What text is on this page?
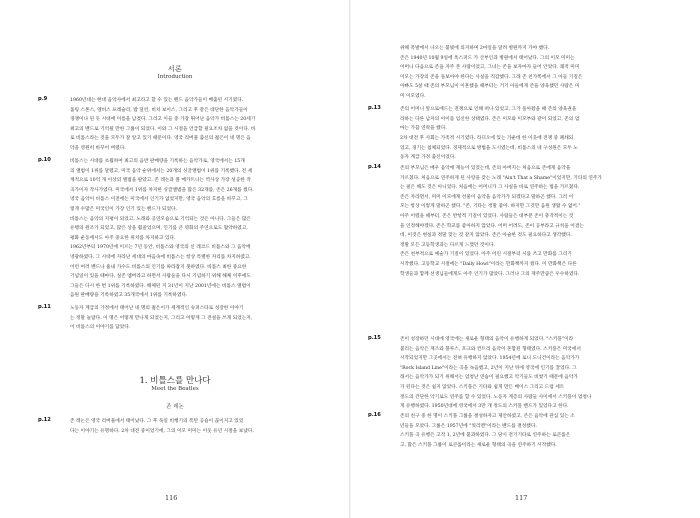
서론
Introduction
p.9	1960년대는 현대 음악사에서 최고라고 할 수 있는 밴드 음악가들이 배출된 시기였다.
롤링 스톤스, 엘비스 프레슬리, 밥 딜런, 비치 보이스, 그리고 후 같은 대단한 음악가들이
경쟁이나 된 듯 시대에 이름을 남겼다. 그리고 이들 중 가장 뛰어난 음악가 비틀스는 20세기
최고의 밴드로 기억될 만한 그룹이 되었다. 이와 그 시절을 언급할 필요조차 없을 것이다. 바
로 비틀스라는 것을 모두가 잘 알고 있기 때문이다. 영국 리버풀 출신의 젊은이 네 명은 음
악을 영원히 바꾸어 버렸다.
p.10	비틀스는 시대를 초월하여 최고의 음반 판매량을 기록하는 음악가로, 영국에서는 15개
의 앨범이 1위를 달렸고, 미국 음악 순위에서는 20개의 싱글앨범이 1위를 기록했다. 전 세
계적으로 10억 개 이상의 앨범을 팔았고, 존 레논과 폴 매카트니는 역사상 가장 성공한 작
곡가이자 작사가였다. 미국에서 1위를 차지한 싱글앨범을 많은 32개를, 존은 26개를 썼다.
영국 음악이 비틀스 이전에는 미국에서 인기가 없었지만, 영국 음악의 흐름을 바꾸고, 그
렇게 수많은 미국인이 가장 인기 있는 밴드가 되었다.
비틀스는 음악의 지평이 되었고, 노래와 공연모습으로 기억되는 것은 아니다. 그들은 많은
유행의 원조가 되었고, 많은 상을 휩쓸었으며, 인기를 큰 영화의 주연으로도 활약하였고,
평화 운동에서도 아주 중요한 위치를 차지하고 있다.
1962년부터 1970년에 이르는 7년 동안, 비틀스와 영국의 신 레코드 비틀스와 그 음악에
영광하였다. 그 시대에 자라난 세대의 마음속에 비틀스는 항상 특별한 자리를 차지하였고,
이런 여러 밴드나 흉내 가수도 비틀스의 인기를 따라잡지 못하였다. 비틀스 최한 중요한
기념일이 있을 때마다, 실존 멤버라고 하면서 사람들을 다시 기념하기 위해 해체 이후에도
그들은 다시 한 번 1위를 기록하였다. 해체된 지 31년이 지난 2001년에는 비틀스 앨범이
음원 판매량을 기록하였고 35개국에서 1위를 기록하였다.
p.11	노동자 계급의 가정에서 태어난 네 명의 젊은이가 세계적인 슈퍼스타로 성장한 이야기
는 정말 놀랍다. 이 명은 어떻게 만나게 되었는지, 그리고 어떻게 그 전설을 쓰게 되었는지,
이 비틀스의 이야기를 담았다.
1. 비틀스를 만나다
Meet the Beatles
존 레논
p.12	존 레논은 영국 리버풀에서 태어났다. 그 후 독일 비행기의 폭탄 공습이 끊이지고 있었
다는 이야기는 유명하다. 2차 대전 중이었기에, 그의 이모 미미는 이웃 유년 시절을 보냈다.
116
위해 폭발에서 나오는 불빛에 의지하며 2마일을 달려 병원까지 가야 했다.
존은 1940년 10월 9일에 옥스퍼드 가 산부인과 병원에서 태어났다. 그의 이모 미미는
어머니 다음으로 존을 자주 본 사람이었고, 그녀는 존을 보자마자 들어 안았다. 쾌적 미미
이모는 가장의 존을 돌보아야 한다는 사실을 직감했다. 그래 존 친가쪽에서 그 아들 기질은
아빠도 5살 때 존의 부모님이 이혼했을 때부터는 거기 아들에게 존을 양육했던 사람은 미
미 이모였다.
p.13	존의 어머니 앞으로에드는 전쟁으로 인해 떠나 있었고, 그가 돌아왔을 때 존의 양육권을
라하는 다른 남자의 아이를 임신한 상태였다. 존은 이모와 이모부와 같이 되었고, 존의 엄
마는 가끔 연락을 했다.
2차 대전 후 사회는 가족적 시기였다. 라디오에 있는 가운데 한 이웃에 전쟁 중 폐쇄되
었고, 경기는 침체되었다. 경제적으로 방법을 도시였는데, 비틀스의 네 구성원은 모두 노
동자 계급 가정 출신이었다.
p.14	존의 부모님은 매우 음악에 재능이 있었는데, 존의 아버지는 처음으로 존에게 음악을
가르쳤다. 처음으로 연주하게 된 사랑을 갖는 노래 "Ain't That a Shame"이었지만, 기타의 연주가
는 필은 해도 것은 아니었다. 처음에는 어머니가 그 사실을 바로 연주하는 법을 가르쳤다.
존은 자라면서, 미미 이모에게 선물이 음악을 음악가가 되겠다고 말하곤 했다. 그러 이
모는 항상 이렇게 말하곤 했다. "존, 기타는 정말 좋아. 하지만 그것만 음원 생활 수 없어."
아주 어렸을 때부터, 존은 반항적 기질이 있었다. 사람들은 대부분 존이 충격적이는 것
을 인정해야겠다. 존은 학교를 좋아하지 않았다. 어머 어려도, 존이 공부라고 규칙을 어겼는
데, 이것은 현실과 정말 맞는 것 같지 않았다. 존은 아슬한 것도 필요하다고 생각했다.
정말 모든 고등학생과는 다르게 느꼈던 것이다.
존은 천부적으로 예술가 기질이 있었다. 아주 어린 시절부터 시를 쓰고 만화를 그리기
시작했다. 고등학교 시절에는 "Daily Howl"이라는 만화책까지 썼다. 이 만화책은 다른
학생들과 함께 선생님들에게도 아주 인기가 많았다. 그러나 그의 재주만큼은 우수하였다.
p.15	존이 성장하던 시대에 영국에는 새로운 형태의 음악이 유행하게 되었다. "스키플"이라
불리는 음악은 재즈와 블루스, 포크와 컨트리 음악이 혼합된 형태였다. 스키플은 미국에서
시작되었지만 그곳에서는 전혀 유행하지 않았다. 1954년에 로니 도니건이라는 음악가가
"Rock Island Line"이라는 곡을 녹음했고, 2년이 지난 뒤에 영국에 인기를 끌었다. 그
래서는 음악가가 되기 위해서는 엄청난 연습이 필요했고 악기들도 비쌌기 때문에 음악가
가 된다는 것은 쉽지 않았다. 스키플은 기타와 쉽게 만든 베이스 그리고 드럼 세트
정도의 간단한 악기로도 연주를 할 수 있었다. 노동자 계층의 사람들 사이에서 스키플이 엄청나
게 유행하였다. 1950년대에 영국에서 3만 개 정도의 스키플 밴드가 있었다고 한다.
p.16	존의 친구 중 한 명이 스키플 그룹을 결성하자고 제안하였고, 존은 음악에 관심 있는 소
년들을 모았다. 그룹은 1957년에 "쿼리멘"이라는 밴드를 결성했다.
스키플 곡 유행은 고작 1, 2년에 불과하였다. 그 당시 전기기타로 연주하는 로큰롤은
고, 많은 스키플 그룹이 로큰롤이라는 새로운 형태의 곡을 연주하기 시작했다.
117
